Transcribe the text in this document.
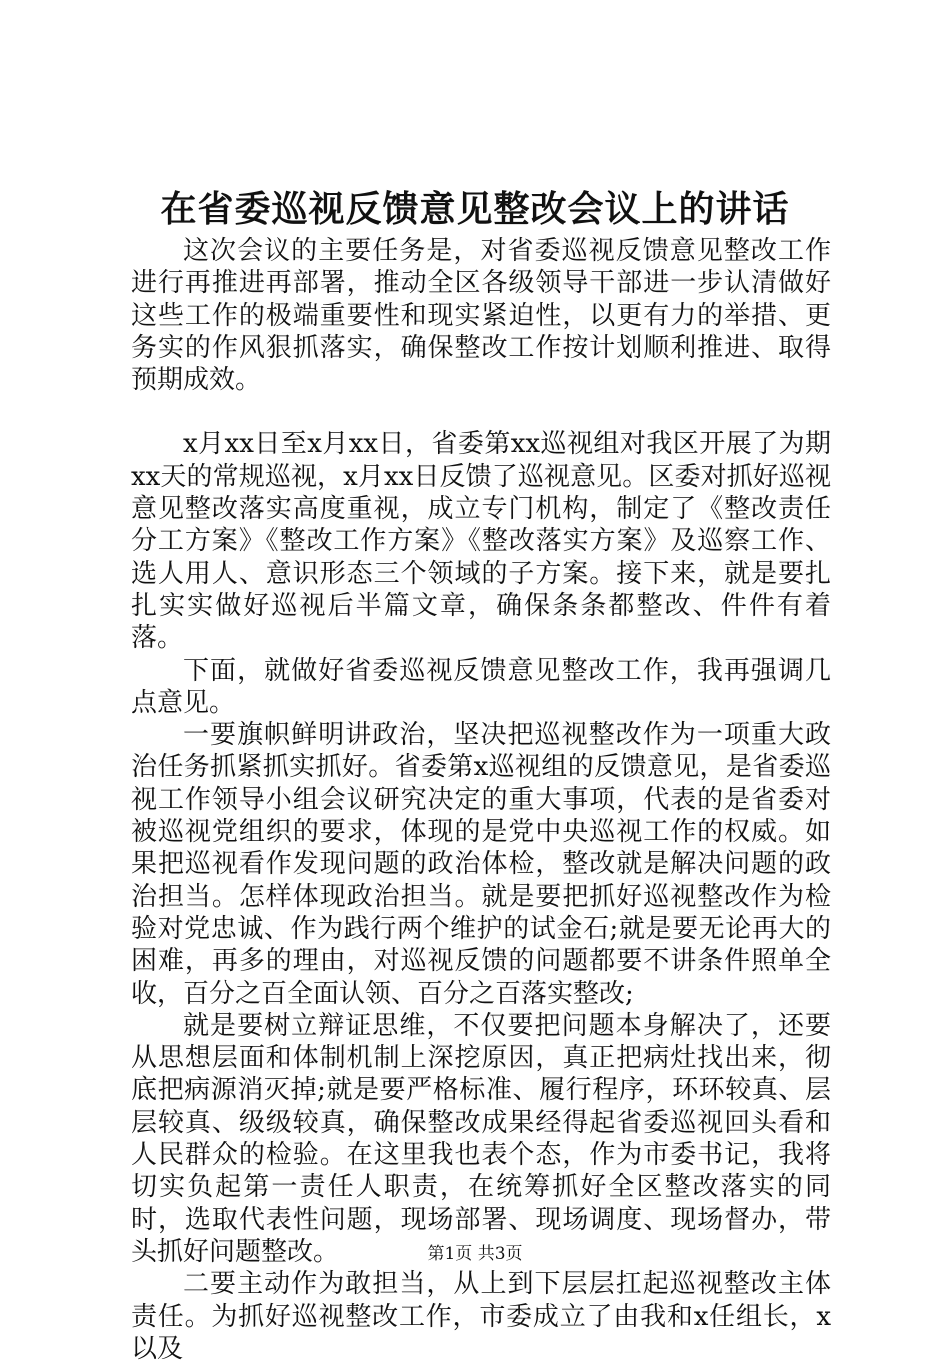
在省委巡视反馈意见整改会议上的讲话

这次会议的主要任务是，对省委巡视反馈意见整改工作进行再推进再部署，推动全区各级领导干部进一步认清做好这些工作的极端重要性和现实紧迫性，以更有力的举措、更务实的作风狠抓落实，确保整改工作按计划顺利推进、取得预期成效。

x月xx日至x月xx日，省委第xx巡视组对我区开展了为期xx天的常规巡视，x月xx日反馈了巡视意见。区委对抓好巡视意见整改落实高度重视，成立专门机构，制定了《整改责任分工方案》《整改工作方案》《整改落实方案》及巡察工作、选人用人、意识形态三个领域的子方案。接下来，就是要扎扎实实做好巡视后半篇文章，确保条条都整改、件件有着落。

下面，就做好省委巡视反馈意见整改工作，我再强调几点意见。

一要旗帜鲜明讲政治，坚决把巡视整改作为一项重大政治任务抓紧抓实抓好。省委第x巡视组的反馈意见，是省委巡视工作领导小组会议研究决定的重大事项，代表的是省委对被巡视党组织的要求，体现的是党中央巡视工作的权威。如果把巡视看作发现问题的政治体检，整改就是解决问题的政治担当。怎样体现政治担当。就是要把抓好巡视整改作为检验对党忠诚、作为践行两个维护的试金石;就是要无论再大的困难，再多的理由，对巡视反馈的问题都要不讲条件照单全收，百分之百全面认领、百分之百落实整改;

就是要树立辩证思维，不仅要把问题本身解决了，还要从思想层面和体制机制上深挖原因，真正把病灶找出来，彻底把病源消灭掉;就是要严格标准、履行程序，环环较真、层层较真、级级较真，确保整改成果经得起省委巡视回头看和人民群众的检验。在这里我也表个态，作为市委书记，我将切实负起第一责任人职责，在统筹抓好全区整改落实的同时，选取代表性问题，现场部署、现场调度、现场督办，带头抓好问题整改。

二要主动作为敢担当，从上到下层层扛起巡视整改主体责任。为抓好巡视整改工作，市委成立了由我和x任组长，x以及

第1页 共3页
